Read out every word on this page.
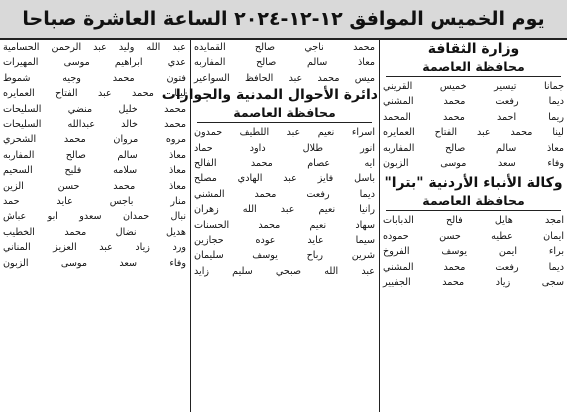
يوم الخميس الموافق ١٢-١٢-٢٠٢٤ الساعة العاشرة صباحا
وزارة الثقافة
محافظة العاصمة
جمانا تيسير خميس القريني
ديما رفعت محمد المشني
ريما احمد محمد المحمد
لينا محمد عبد الفتاح العمايره
معاذ سالم صالح المفاربه
وفاء سعد موسى الزبون
وكالة الأنباء الأردنية "بترا"
محافظة العاصمة
امجد هايل فالح الدبابات
ايمان عطيه حسن حموده
براء ايمن يوسف الفروخ
ديما رفعت محمد المشني
سجى زياد محمد الجفيير
محمد ناجي صالح القمايده
معاذ سالم صالح المفاربه
ميس محمد عبد الحافظ السواعير
دائرة الأحوال المدنية والجوازات
محافظة العاصمة
اسراء نعيم عبد اللطيف حمدون
انور طلال داود حماد
ايه عصام محمد الفالح
باسل فايز عبد الهادي مصلح
ديما رفعت محمد المشني
رانيا نعيم عبد الله زهران
سهاد نعيم محمد الحسنات
سيما عايد عوده حجازين
شرين رباح يوسف سليمان
عبد الله صبحي سليم زايد
عبد الله وليد عبد الرحمن الحسامية
عدي ابراهيم موسى المهيرات
فتون محمد وجيه شموط
لينا محمد عبد الفتاح العمايره
محمد خليل منضي السليحات
محمد خالد عبدالله السليحات
مروه مروان محمد الشحري
معاذ سالم صالح المفاربه
معاذ سلامه فليح السحيم
معاذ محمد حسن الزين
منار باجس عايد حمد
نبال حمدان سعدو ابو عباش
هديل نضال محمد الخطيب
ورد زياد عبد العزيز المناني
وفاء سعد موسى الزبون
